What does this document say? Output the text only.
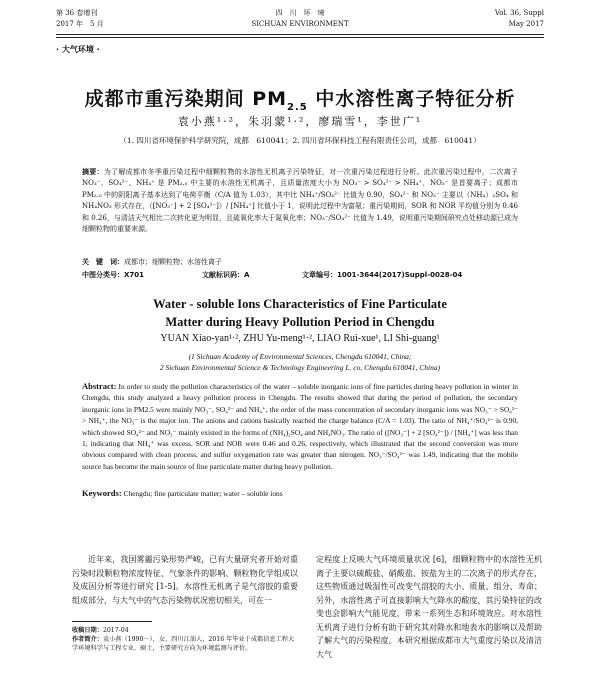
第 36 卷增刊
2017 年　5 月
四　川　环　境
SICHUAN ENVIRONMENT
Vol. 36, Suppl
May 2017
· 大气环境 ·
成都市重污染期间 $PM_{2.5}$ 中水溶性离子特征分析
袁小燕¹·²，朱羽蒙¹·²，廖瑞雪¹，李世广¹
（1. 四川省环境保护科学研究院，成都　610041；2. 四川省环保科技工程有限责任公司，成都　610041）
摘要：为了解成都市冬季重污染过程中细颗粒物的水溶性无机离子污染特征，对一次重污染过程进行分析。此次重污染过程中，二次离子 NO₃⁻、SO₄²⁻、NH₄⁺ 是 PM₂.₅ 中主要的水溶性无机离子，且质量浓度大小为 NO₃⁻ > SO₄²⁻ > NH₄⁺，NO₃⁻ 是首要离子；成都市 PM₂.₅ 中的阴阳离子基本达到了电荷平衡（C/A 值为 1.03），其中比 NH₄⁺/SO₄²⁻ 比值为 0.90，SO₄²⁻ 和 NO₃⁻ 主要以（NH₄）₂SO₄ 和 NH₄NO₃ 形式存在，（[NO₃⁻] + 2 [SO₄²⁻]）/ [NH₄⁺] 比值小于 1，说明此过程中为富氨；重污染期间，SOR 和 NOR 平均值分别为 0.46 和 0.26，与清洁天气相比二次转化更为明显，且硫氧化率大于氮氧化率；NO₃⁻/SO₄²⁻ 比值为 1.49，说明重污染期间研究点处移动源已成为细颗粒物的重要来源。
关　键　词：成都市；细颗粒物；水溶性离子
中图分类号：X701	文献标识码：A	文章编号：1001-3644(2017)Suppl-0028-04
Water - soluble Ions Characteristics of Fine Particulate
Matter during Heavy Pollution Period in Chengdu
YUAN Xiao-yan¹·², ZHU Yu-meng¹·², LIAO Rui-xue¹, LI Shi-guang¹
(1 Sichuan Academy of Environmental Sciences, Chengdu 610041, China;
2 Sichuan Environmental Science & Technology Engineering L. co, Chengdu 610041, China)
Abstract: In order to study the pollution characteristics of the water – soluble inorganic ions of fine particles during heavy pollution in winter in Chengdu, this study analyzed a heavy pollution process in Chengdu. The results showed that during the period of pollution, the secondary inorganic ions in PM2.5 were mainly NO₃⁻, SO₄²⁻ and NH₄⁺, the order of the mass concentration of secondary inorganic ions was NO₃⁻ > SO₄²⁻ > NH₄⁺, the NO₃⁻ is the major ion. The anions and cations basically reached the charge balance (C/A = 1.03). The ratio of NH₄⁺/SO₄²⁻ is 0.90, which showed SO₄²⁻ and NO₃⁻ mainly existed in the forms of (NH₄)₂SO₄ and NH₄NO₃. The ratio of ([NO₃⁻] + 2 [SO₄²⁻]) / [NH₄⁺] was less than 1, indicating that NH₄⁺ was excess. SOR and NOR were 0.46 and 0.26, respectively, which illustrated that the second conversion was more obvious compared with clean process, and sulfur oxygenation rate was greater than nitrogen. NO₃⁻/SO₄²⁻ was 1.49, indicating that the mobile source has become the main source of fine particulate matter during heavy pollution.
Keywords: Chengdu; fine particulate matter; water – soluble ions
近年来，我国雾霾污染形势严峻，已有大量研究者开始对重污染时段颗粒物浓度特征、气象条件的影响、颗粒物化学组成以及成因分析等进行研究 [1-5]。水溶性无机离子是气溶胶的重要组成部分，与大气中的气态污染物状况密切相关，可在一
定程度上反映大气环境质量状况 [6]，细颗粒物中的水溶性无机离子主要以硫酸盐、硝酸盐、铵盐为主的二次离子的形式存在，这些物质通过吸湿性可改变气溶胶的大小、质量、组分、寿命；另外，水溶性离子可直接影响大气降水的酸度，其污染特征的改变也会影响大气能见度，带来一系列生态和环境效应。对水溶性无机离子进行分析有助于研究其对降水和地表水的影响以及帮助了解大气的污染程度。本研究根据成都市大气重度污染以及清洁大气
收稿日期：2017-04
作者简介：袁小燕（1990－），女，四川江油人，2016 年毕业于成都信息工程大学环境科学与工程专业，硕士，主要研究方向为环境监测与评价。
